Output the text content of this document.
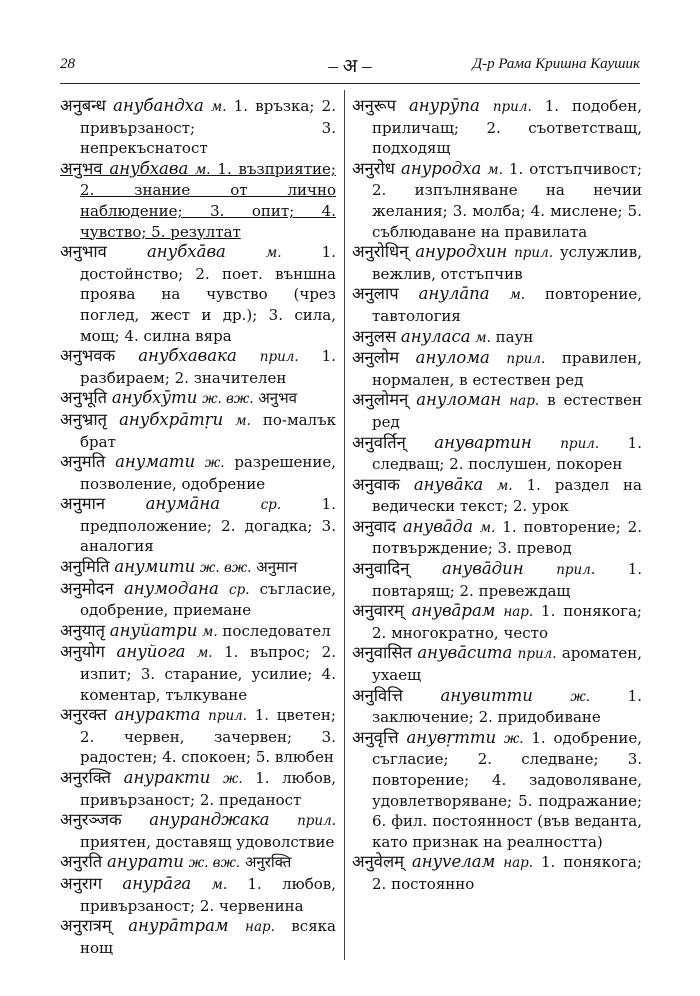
28	– अ –	Д-р Рама Кришна Каушик
अनुबन्ध анубандха м. 1. връзка; 2. привързаност; 3. непрекъснатост
अनुभव анубхава м. 1. възприятие; 2. знание от лично наблюдение; 3. опит; 4. чувство; 5. резултат
अनुभाव анубхāва	м.	1. достойнство; 2. поет. външна проява на чувство (чрез поглед, жест и др.); 3. сила, мощ; 4. силна вяра
अनुभवक анубхавака прил. 1. разбираем; 2. значителен
अनुभूति анубхӯти ж. вж. अनुभव
अनुभ्रातृ анубхрāтṛи м. по-малък брат
अनुमति анумати ж. разрешение, позволение, одобрение
अनुमान анумāна	ср.	1. предположение; 2. догадка; 3. аналогия
अनुमिति анумити ж. вж. अनुमान
अनुमोदन анумодана ср. съгласие, одобрение, приемане
अनुयातृ ануйатри м. последовател
अनुयोग ануйога м. 1. въпрос; 2. изпит; 3. старание, усилие; 4. коментар, тълкуване
अनुरक्त ануракта прил. 1. цветен; 2. червен, зачервен; 3. радостен; 4. спокоен; 5. влюбен
अनुरक्ति ануракти ж. 1. любов, привързаност; 2. преданост
अनुरञ्जक ануранджака прил. приятен, доставящ удоволствие
अनुरति анурати ж. вж. अनुरक्ति
अनुराग анурāга м. 1. любов, привързаност; 2. червенина
अनुरात्रम् анурāтрам нар. всяка нощ
अनुरूप анурӯпа прил. 1. подобен, приличащ; 2. съответстващ, подходящ
अनुरोध ануродха м. 1. отстъпчивост; 2. изпълняване на нечии желания; 3. молба; 4. мислене; 5. съблюдаване на правилата
अनुरोधिन् ануродхин прил. услужлив, вежлив, отстъпчив
अनुलाप анулāпа м. повторение, тавтология
अनुलस ануласа м. паун
अनुलोम ануломa прил. правилен, нормален, в естествен ред
अनुलोमन् ануломан нар. в естествен ред
अनुवर्तिन् анувартин прил. 1. следващ; 2. послушен, покорен
अनुवाक анувāка м. 1. раздел на ведически текст; 2. урок
अनुवाद анувāда м. 1. повторение; 2. потвърждение; 3. превод
अनुवादिन् анувāдин прил. 1. повтарящ; 2. превеждащ
अनुवारम् анувāрам нар. 1. понякога; 2. многократно, често
अनुवासित анувāсита прил. ароматен, ухаещ
अनुवित्ति анувитти	ж.	1. заключение; 2. придобиване
अनुवृत्ति анувṛтти ж. 1. одобрение, съгласие; 2. следване; 3. повторение; 4. задоволяване, удовлетворяване; 5. подражание; 6. фил. постоянност (във веданта, като признак на реалността)
अनुवेलम् ануvелам нар. 1. понякога; 2. постоянно
